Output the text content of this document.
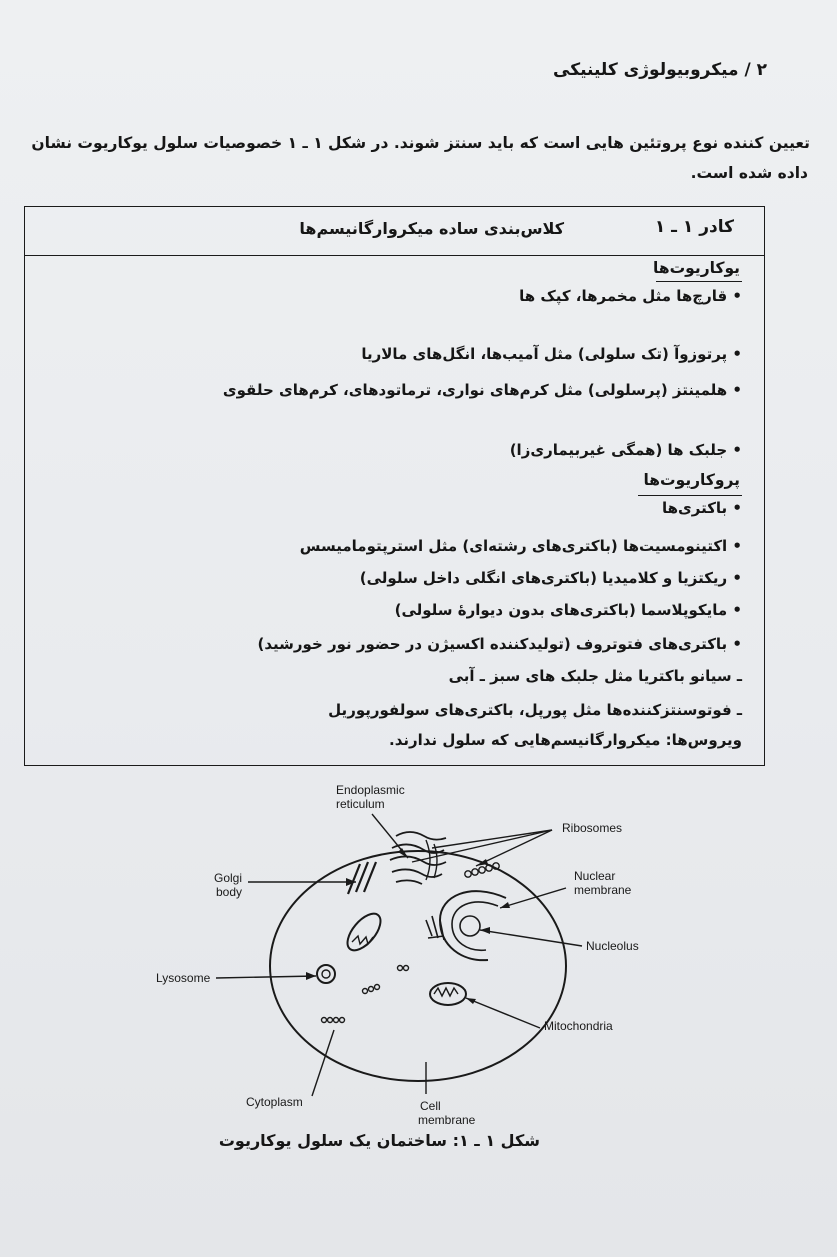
۲ / میکروبیولوژی کلینیکی
تعیین کننده نوع پروتئین هایی است که باید سنتز شوند. در شکل ۱ ـ ۱ خصوصیات سلول یوکاریوت نشان
داده شده است.
کادر ۱ ـ ۱
کلاس‌بندی ساده میکروارگانیسم‌ها
یوکاریوت‌ها
• قارچ‌ها مثل مخمرها، کپک ها
• پرتوزوآ (تک سلولی) مثل آمیب‌ها، انگل‌های مالاریا
• هلمینتز (پرسلولی) مثل کرم‌های نواری، ترماتودهای، کرم‌های حلقوی
• جلبک ها (همگی غیربیماری‌زا)
پروکاریوت‌ها
• باکتری‌ها
• اکتینومسیت‌ها (باکتری‌های رشته‌ای) مثل استرپتومامیسس
• ریکتزیا و کلامیدیا (باکتری‌های انگلی داخل سلولی)
• مایکوپلاسما (باکتری‌های بدون دیوارهٔ سلولی)
• باکتری‌های فتوتروف (تولیدکننده اکسیژن در حضور نور خورشید)
ـ سیانو باکتریا مثل جلبک های سبز ـ آبی
ـ فوتوسنتزکننده‌ها مثل پورپل، باکتری‌های سولفورپوریل
ویروس‌ها: میکروارگانیسم‌هایی که سلول ندارند.
Endoplasmic
reticulum
Ribosomes
Golgi
body
Nuclear
membrane
Nucleolus
Lysosome
Mitochondria
Cytoplasm	Cell
membrane
شکل ۱ ـ ۱: ساختمان یک سلول یوکاریوت
